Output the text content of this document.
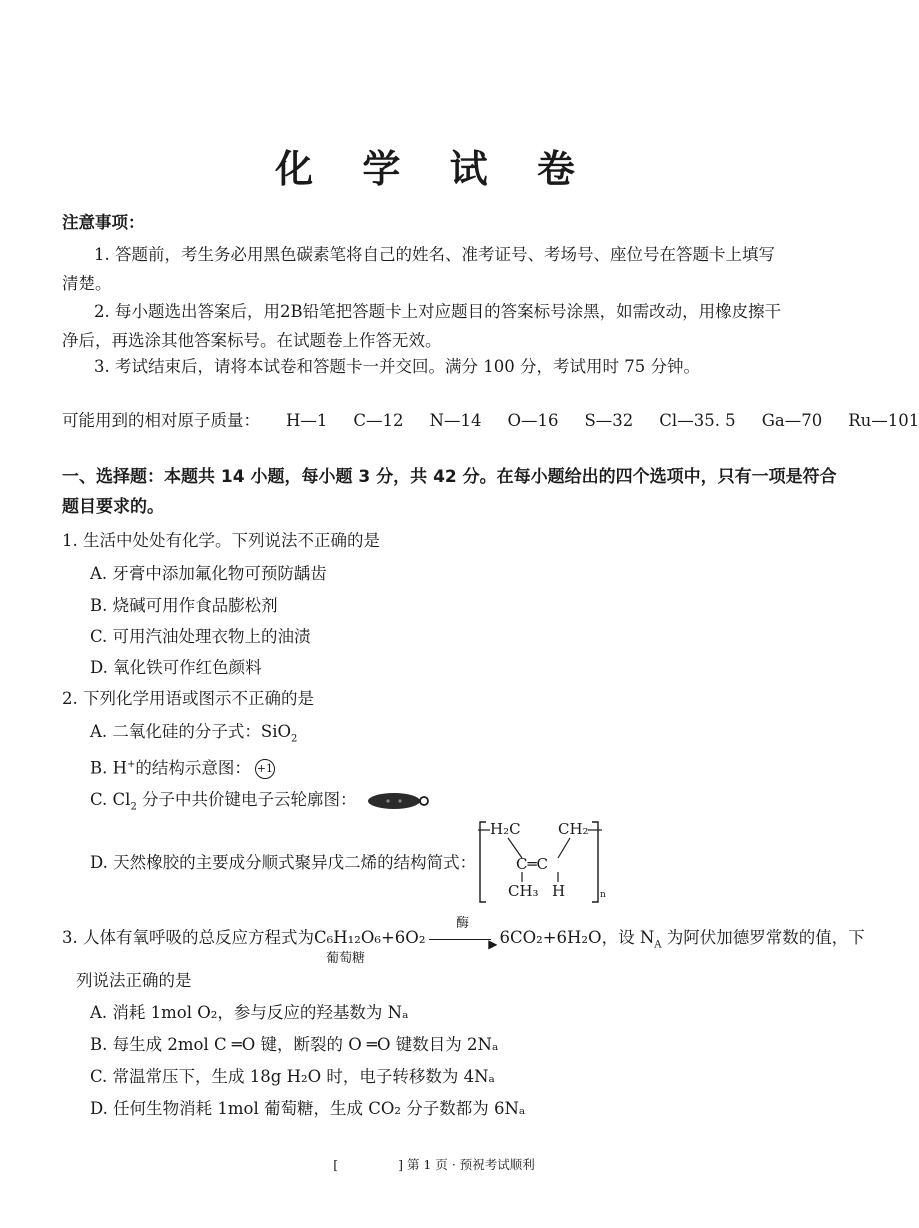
化 学 试 卷
注意事项：
1. 答题前，考生务必用黑色碳素笔将自己的姓名、准考证号、考场号、座位号在答题卡上填写
清楚。
2. 每小题选出答案后，用2B铅笔把答题卡上对应题目的答案标号涂黑，如需改动，用橡皮擦干
净后，再选涂其他答案标号。在试题卷上作答无效。
3. 考试结束后，请将本试卷和答题卡一并交回。满分 100 分，考试用时 75 分钟。
可能用到的相对原子质量： H—1 C—12 N—14 O—16 S—32 Cl—35. 5 Ga—70 Ru—101
一、选择题：本题共 14 小题，每小题 3 分，共 42 分。在每小题给出的四个选项中，只有一项是符合
题目要求的。
1. 生活中处处有化学。下列说法不正确的是
A. 牙膏中添加氟化物可预防龋齿
B. 烧碱可用作食品膨松剂
C. 可用汽油处理衣物上的油渍
D. 氧化铁可作红色颜料
2. 下列化学用语或图示不正确的是
A. 二氧化硅的分子式：SiO$_2$
B. H+的结构示意图： +1
C. $Cl_2$ 分子中共价键电子云轮廓图：
D. 天然橡胶的主要成分顺式聚异戊二烯的结构简式：
H₂C CH₂
C═C
CH₃ H	n
3. 人体有氧呼吸的总反应方程式为C₆H₁₂O₆+6O₂
酶
▶ 6CO₂+6H₂O，设 $N_A$ 为阿伏加德罗常数的值，下
葡萄糖
列说法正确的是
A. 消耗 1mol O₂，参与反应的羟基数为 Nₐ
B. 每生成 2mol C ═O 键，断裂的 O ═O 键数目为 2Nₐ
C. 常温常压下，生成 18g H₂O 时，电子转移数为 4Nₐ
D. 任何生物消耗 1mol 葡萄糖，生成 CO₂ 分子数都为 6Nₐ
[	] 第 1 页 · 预祝考试顺利
